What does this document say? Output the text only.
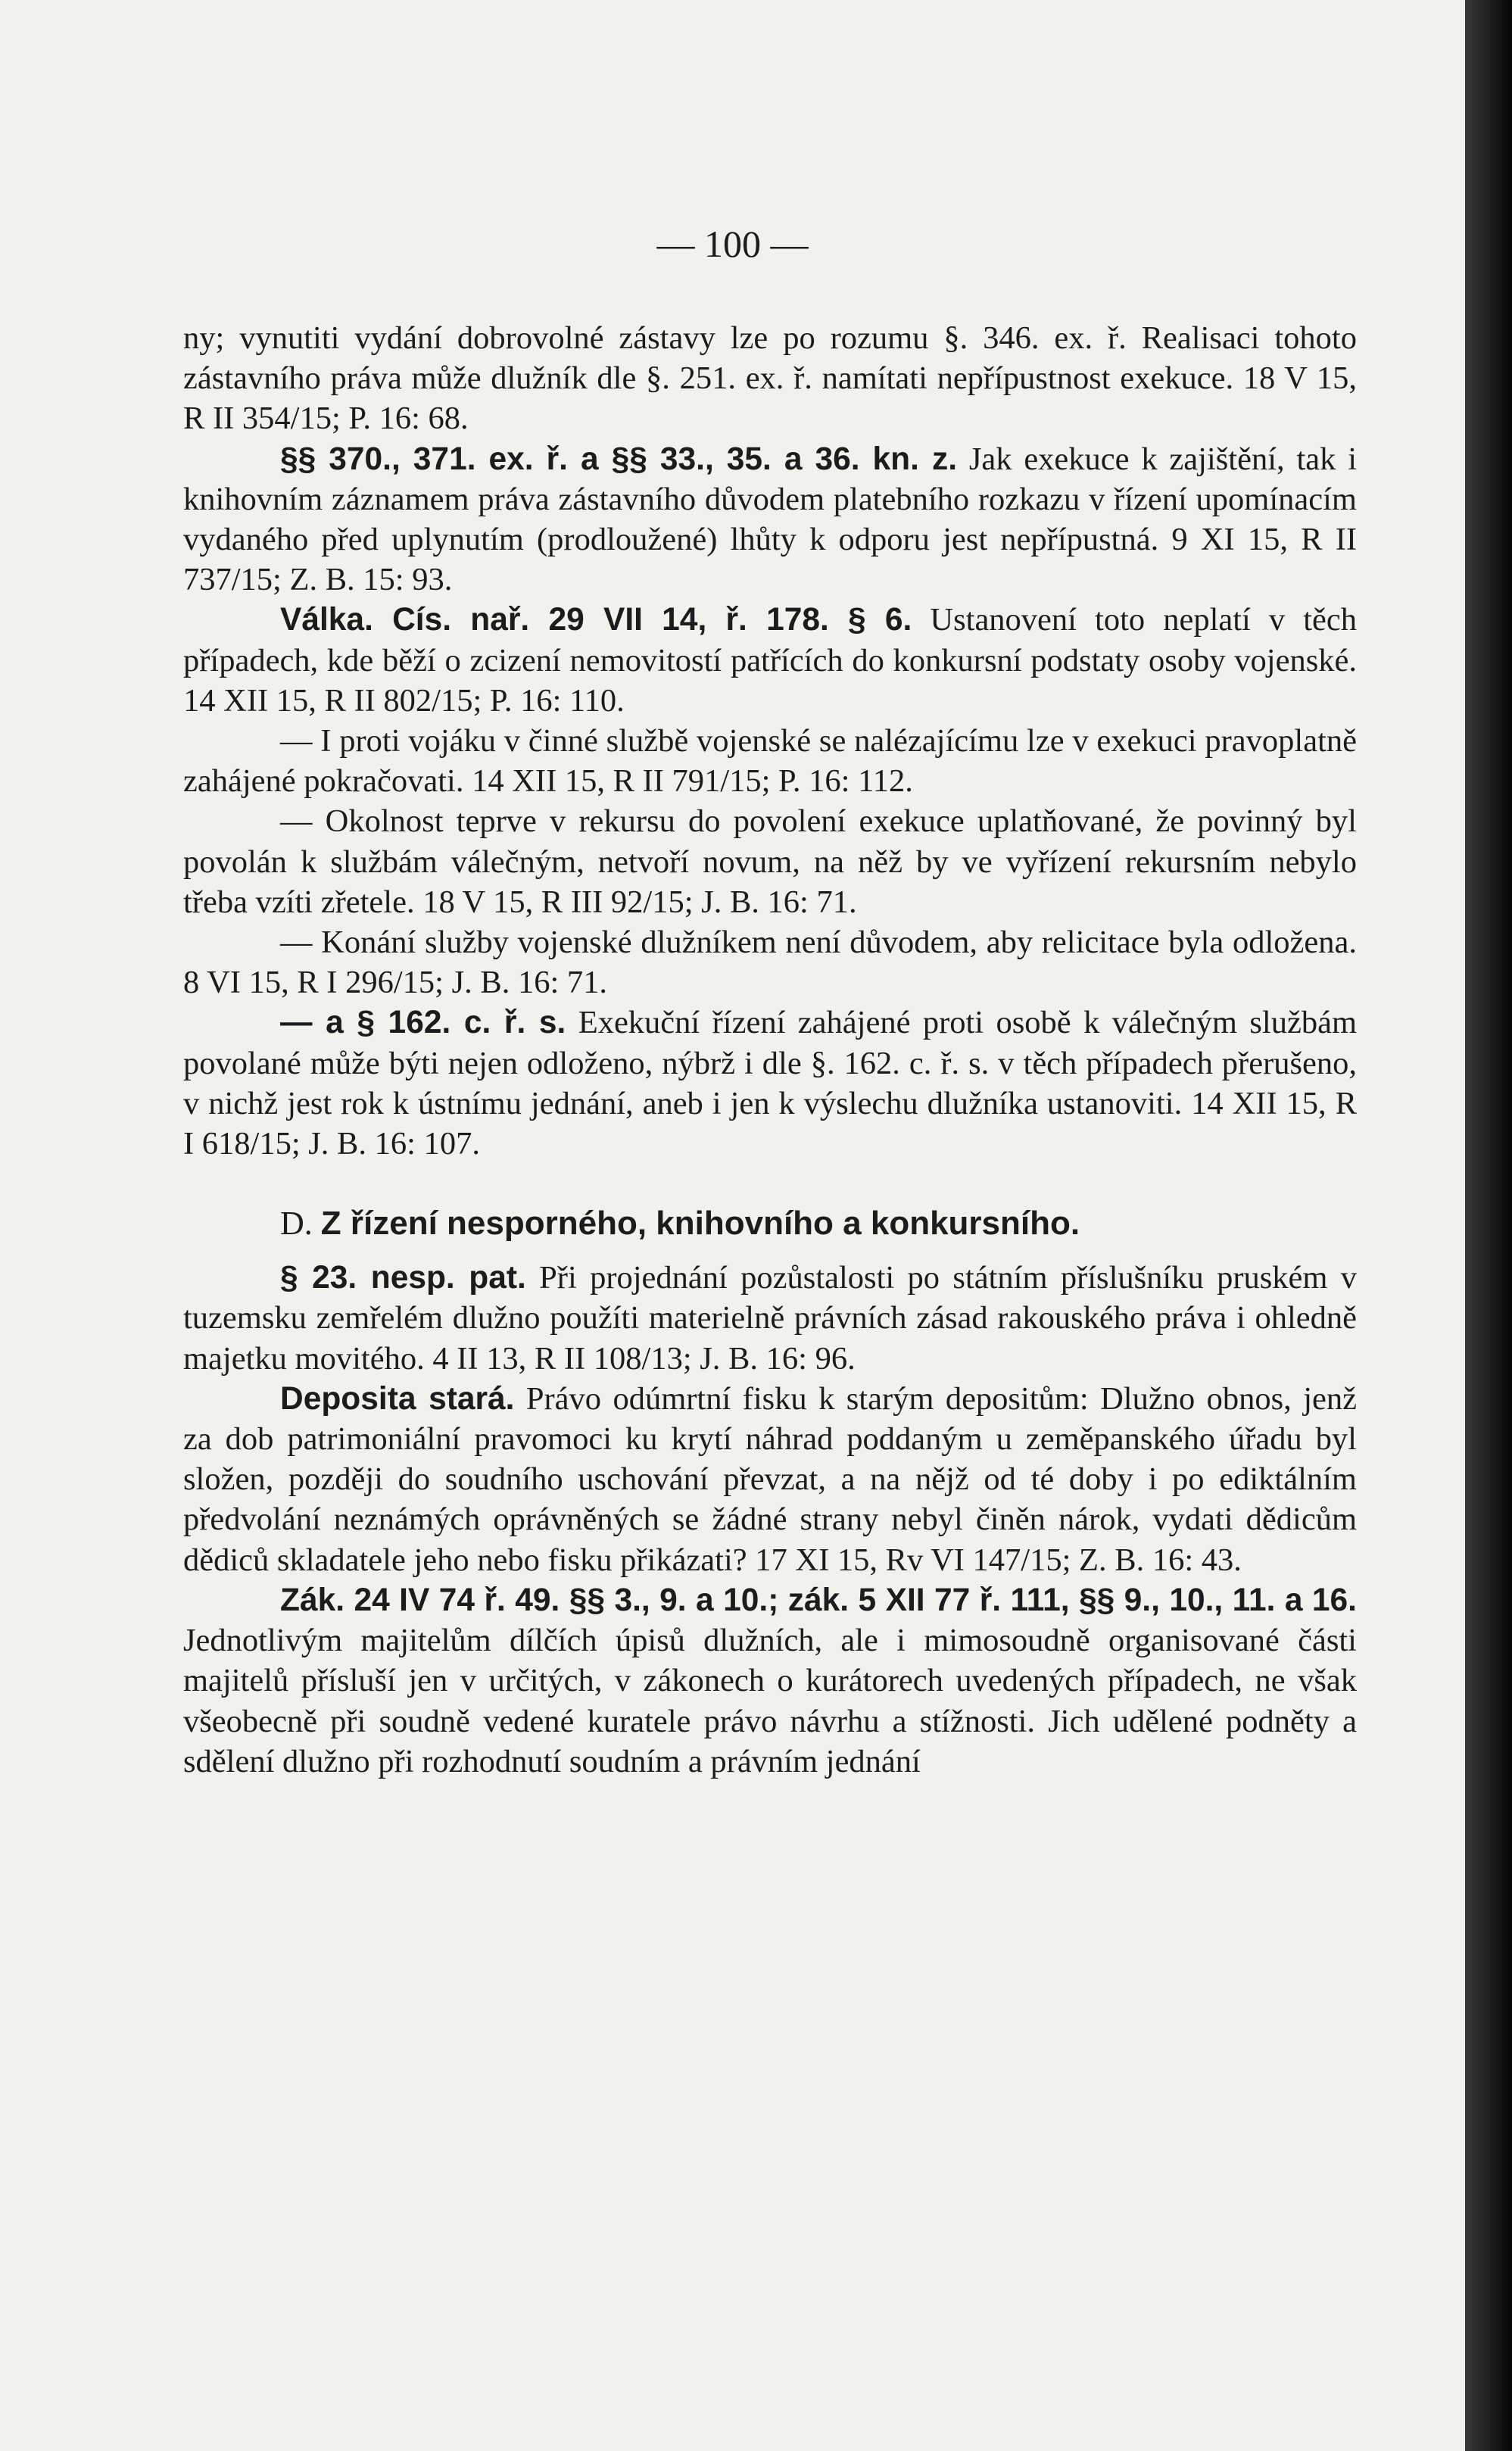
— 100 —

ny; vynutiti vydání dobrovolné zástavy lze po rozumu §. 346. ex. ř. Realisaci tohoto zástavního práva může dlužník dle §. 251. ex. ř. namítati nepřípustnost exekuce. 18 V 15, R II 354/15; P. 16: 68.

§§ 370., 371. ex. ř. a §§ 33., 35. a 36. kn. z. Jak exekuce k zajištění, tak i knihovním záznamem práva zástavního důvodem platebního rozkazu v řízení upomínacím vydaného před uplynutím (prodloužené) lhůty k odporu jest nepřípustná. 9 XI 15, R II 737/15; Z. B. 15: 93.

Válka. Cís. nař. 29 VII 14, ř. 178. § 6. Ustanovení toto neplatí v těch případech, kde běží o zcizení nemovitostí patřících do konkursní podstaty osoby vojenské. 14 XII 15, R II 802/15; P. 16: 110.

— I proti vojáku v činné službě vojenské se nalézajícímu lze v exekuci pravoplatně zahájené pokračovati. 14 XII 15, R II 791/15; P. 16: 112.

— Okolnost teprve v rekursu do povolení exekuce uplatňované, že povinný byl povolán k službám válečným, netvoří novum, na něž by ve vyřízení rekursním nebylo třeba vzíti zřetele. 18 V 15, R III 92/15; J. B. 16: 71.

— Konání služby vojenské dlužníkem není důvodem, aby relicitace byla odložena. 8 VI 15, R I 296/15; J. B. 16: 71.

— a § 162. c. ř. s. Exekuční řízení zahájené proti osobě k válečným službám povolané může býti nejen odloženo, nýbrž i dle §. 162. c. ř. s. v těch případech přerušeno, v nichž jest rok k ústnímu jednání, aneb i jen k výslechu dlužníka ustanoviti. 14 XII 15, R I 618/15; J. B. 16: 107.

D. Z řízení nesporného, knihovního a konkursního.

§ 23. nesp. pat. Při projednání pozůstalosti po státním příslušníku pruském v tuzemsku zemřelém dlužno použíti materielně právních zásad rakouského práva i ohledně majetku movitého. 4 II 13, R II 108/13; J. B. 16: 96.

Deposita stará. Právo odúmrtní fisku k starým depositům: Dlužno obnos, jenž za dob patrimoniální pravomoci ku krytí náhrad poddaným u zeměpanského úřadu byl složen, později do soudního uschování převzat, a na nějž od té doby i po ediktálním předvolání neznámých oprávněných se žádné strany nebyl činěn nárok, vydati dědicům dědiců skladatele jeho nebo fisku přikázati? 17 XI 15, Rv VI 147/15; Z. B. 16: 43.

Zák. 24 IV 74 ř. 49. §§ 3., 9. a 10.; zák. 5 XII 77 ř. 111, §§ 9., 10., 11. a 16. Jednotlivým majitelům dílčích úpisů dlužních, ale i mimosoudně organisované části majitelů přísluší jen v určitých, v zákonech o kurátorech uvedených případech, ne však všeobecně při soudně vedené kuratele právo návrhu a stížnosti. Jich udělené podněty a sdělení dlužno při rozhodnutí soudním a právním jednání
